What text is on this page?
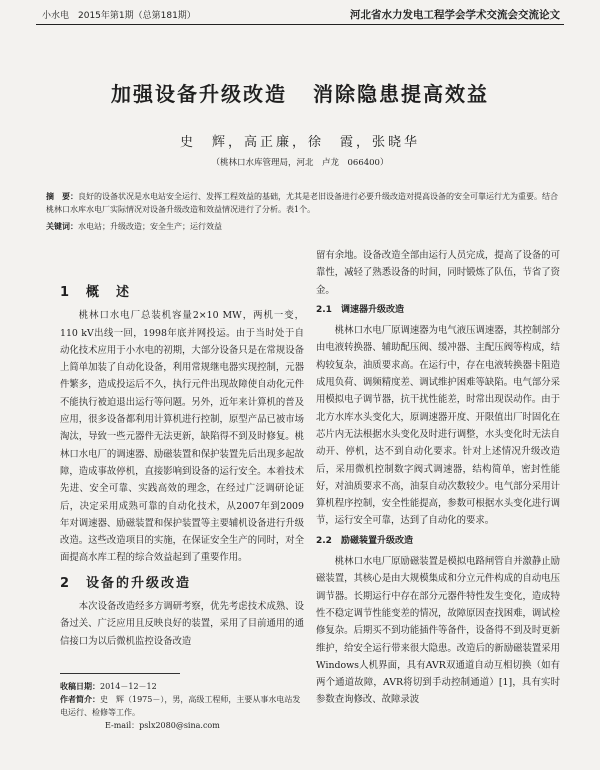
小水电　2015年第1期（总第181期）	河北省水力发电工程学会学术交流会交流论文
加强设备升级改造 消除隐患提高效益
史　辉，高正廉，徐　霞，张晓华
（桃林口水库管理局，河北　卢龙　066400）
摘　要：良好的设备状况是水电站安全运行、发挥工程效益的基础，尤其是老旧设备进行必要升级改造对提高设备的安全可靠运行尤为重要。结合桃林口水库水电厂实际情况对设备升级改造和效益情况进行了分析。表1个。
关键词：水电站；升级改造；安全生产；运行效益
1　概　述

桃林口水电厂总装机容量2×10 MW，两机一变，110 kV出线一回，1998年底并网投运。由于当时处于自动化技术应用于小水电的初期，大部分设备只是在常规设备上简单加装了自动化设备，利用常规继电器实现控制，元器件繁多，造成投运后不久，执行元件出现故障使自动化元件不能执行被迫退出运行等问题。另外，近年来计算机的普及应用，很多设备都利用计算机进行控制，原型产品已被市场淘汰，导致一些元器件无法更新，缺陷得不到及时修复。桃林口水电厂的调速器、励磁装置和保护装置先后出现多起故障，造成事故停机，直接影响到设备的运行安全。本着技术先进、安全可靠、实践高效的理念，在经过广泛调研论证后，决定采用成熟可靠的自动化技术，从2007年到2009年对调速器、励磁装置和保护装置等主要辅机设备进行升级改造。这些改造项目的实施，在保证安全生产的同时，对全面提高水库工程的综合效益起到了重要作用。

2　设备的升级改造

本次设备改造经多方调研考察，优先考虑技术成熟、设备过关、广泛应用且反映良好的装置，采用了目前通用的通信接口为以后微机监控设备改造

留有余地。设备改造全部由运行人员完成，提高了设备的可靠性，减轻了熟悉设备的时间，同时锻炼了队伍，节省了资金。

2.1　调速器升级改造

桃林口水电厂原调速器为电气液压调速器，其控制部分由电液转换器、辅助配压阀、缓冲器、主配压阀等构成，结构较复杂，油质要求高。在运行中，存在电液转换器卡阻造成甩负荷、调频精度差、调试维护困难等缺陷。电气部分采用模拟电子调节器，抗干扰性能差，时常出现误动作。由于北方水库水头变化大，原调速器开度、开限值出厂时固化在芯片内无法根据水头变化及时进行调整，水头变化时无法自动开、停机，达不到自动化要求。针对上述情况升级改造后，采用微机控制数字阀式调速器，结构简单，密封性能好，对油质要求不高，油泵自动次数较少。电气部分采用计算机程序控制，安全性能提高，参数可根据水头变化进行调节，运行安全可靠，达到了自动化的要求。

2.2　励磁装置升级改造

桃林口水电厂原励磁装置是模拟电路闸管自并激静止励磁装置，其核心是由大规模集成和分立元件构成的自动电压调节器。长期运行中存在部分元器件特性发生变化，造成特性不稳定调节性能变差的情况，故障原因查找困难，调试检修复杂。后期买不到功能插件等备件，设备得不到及时更新维护，给安全运行带来很大隐患。改造后的新励磁装置采用Windows人机界面，具有AVR双通道自动互相切换（如有两个通道故障，AVR将切到手动控制通道）[1]，具有实时参数查询修改、故障录波

收稿日期：2014－12－12
作者简介：史　辉（1975－），男，高级工程师，主要从事水电站发电运行、检修等工作。
E-mail：pslx2080@sina.com
